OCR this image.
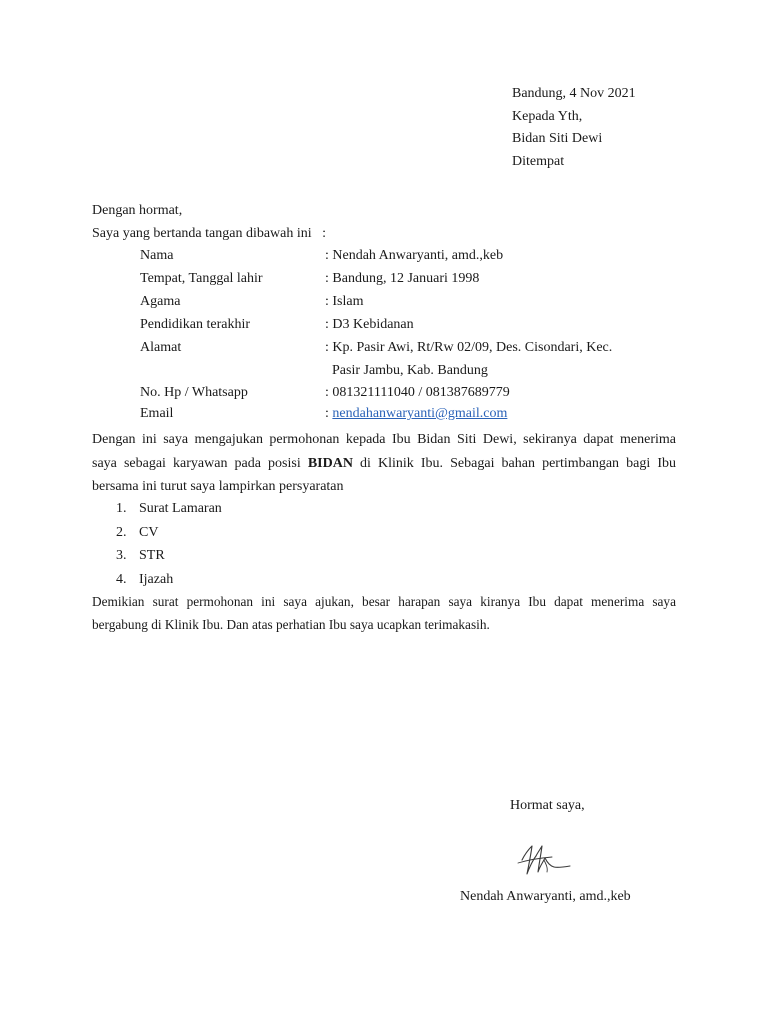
Bandung, 4 Nov 2021
Kepada Yth,
Bidan Siti Dewi
Ditempat
Dengan hormat,
Saya yang bertanda tangan dibawah ini   :
Nama	: Nendah Anwaryanti, amd.,keb
Tempat, Tanggal lahir	: Bandung, 12 Januari 1998
Agama	: Islam
Pendidikan terakhir	: D3 Kebidanan
Alamat	: Kp. Pasir Awi, Rt/Rw 02/09, Des. Cisondari, Kec.
Pasir Jambu, Kab. Bandung
No. Hp / Whatsapp	: 081321111040 / 081387689779
Email	: nendahanwaryanti@gmail.com
Dengan ini saya mengajukan permohonan kepada Ibu Bidan Siti Dewi, sekiranya dapat menerima
saya sebagai karyawan pada posisi BIDAN di Klinik Ibu. Sebagai bahan pertimbangan bagi Ibu
bersama ini turut saya lampirkan persyaratan
1. Surat Lamaran
2. CV
3. STR
4. Ijazah
Demikian surat permohonan ini saya ajukan, besar harapan saya kiranya Ibu dapat menerima saya
bergabung di Klinik Ibu. Dan atas perhatian Ibu saya ucapkan terimakasih.
Hormat saya,
Nendah Anwaryanti, amd.,keb
